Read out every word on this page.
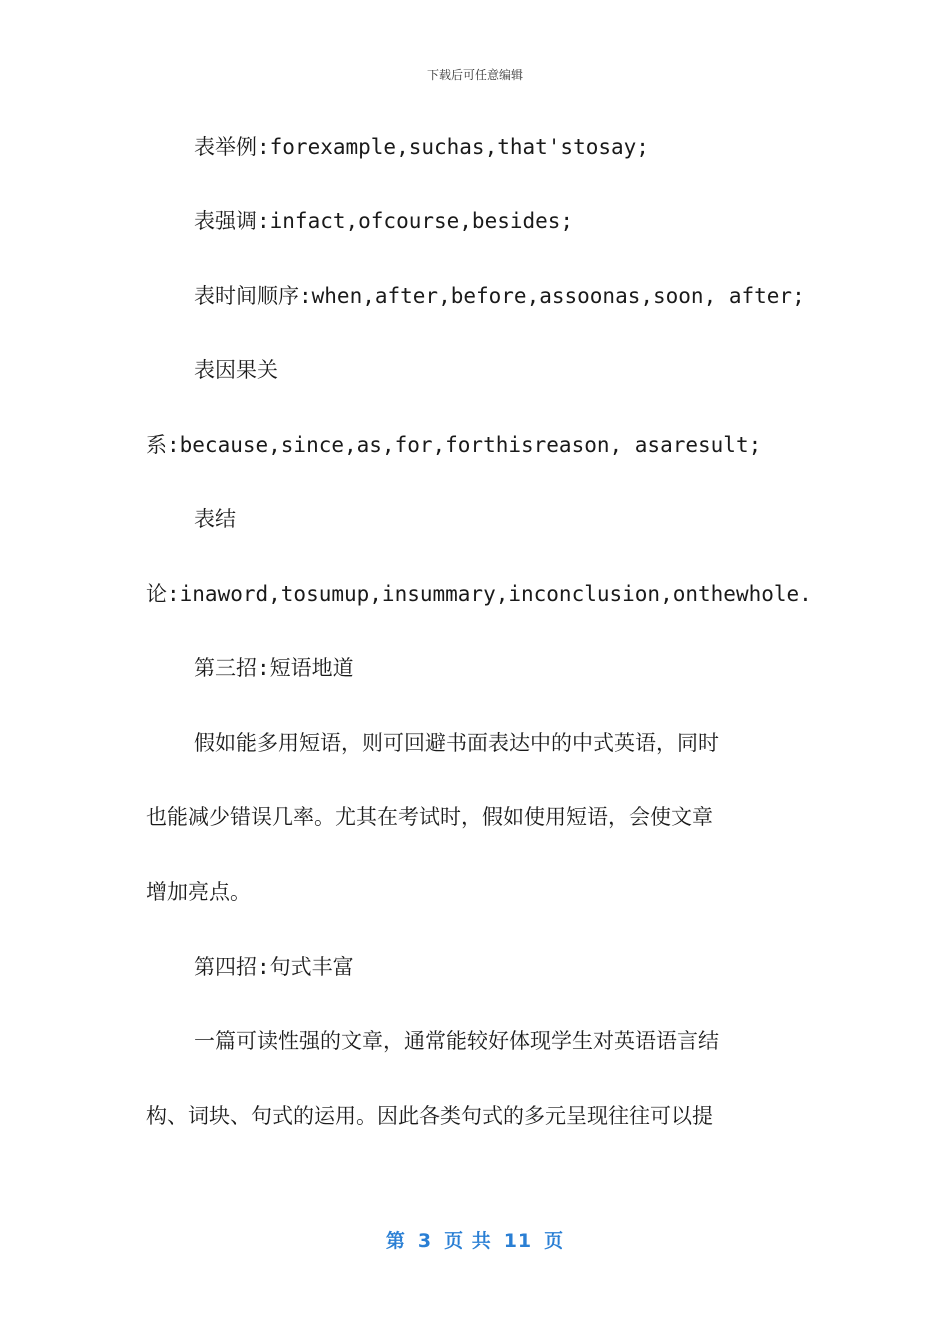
下载后可任意编辑
表举例:forexample,suchas,that'stosay;
表强调:infact,ofcourse,besides;
表时间顺序:when,after,before,assoonas,soon, after;
表因果关
系:because,since,as,for,forthisreason, asaresult;
表结
论:inaword,tosumup,insummary,inconclusion,onthewhole.
第三招:短语地道
假如能多用短语，则可回避书面表达中的中式英语，同时
也能减少错误几率。尤其在考试时，假如使用短语，会使文章
增加亮点。
第四招:句式丰富
一篇可读性强的文章，通常能较好体现学生对英语语言结
构、词块、句式的运用。因此各类句式的多元呈现往往可以提
第 3 页 共 11 页
